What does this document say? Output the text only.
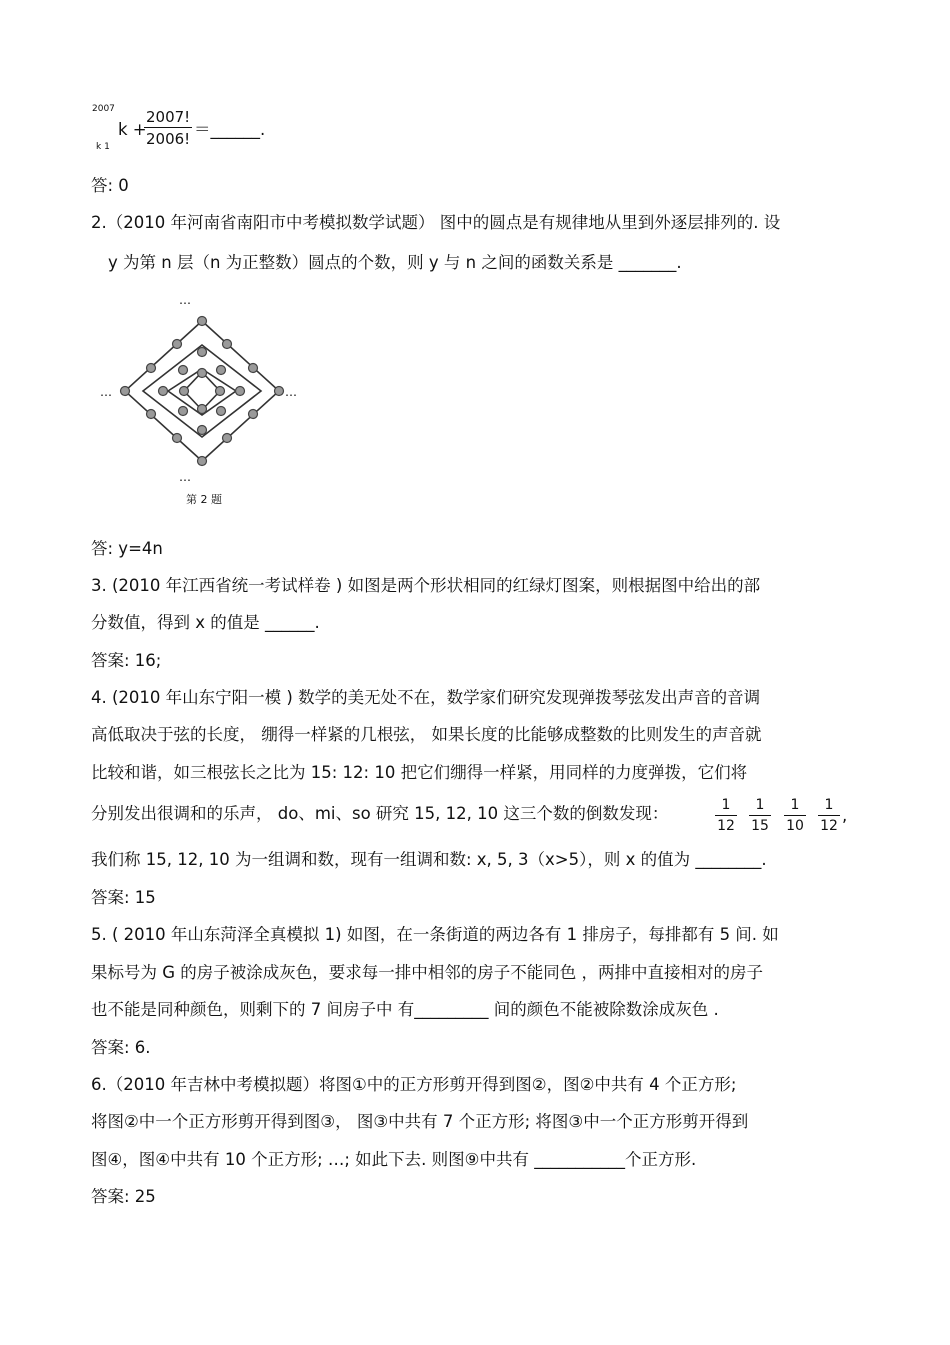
2007
k 1
k +
$\frac{2007!}{2006!}$ ＝______.
答: 0
2.（2010 年河南省南阳市中考模拟数学试题） 图中的圆点是有规律地从里到外逐层排列的. 设
y 为第 n 层（n 为正整数）圆点的个数，则 y 与 n 之间的函数关系是 _______.
…
…	…
…
第 2 题
答: y=4n
3. (2010 年江西省统一考试样卷 ) 如图是两个形状相同的红绿灯图案，则根据图中给出的部
分数值，得到 x 的值是 ______.
答案: 16;
4. (2010 年山东宁阳一模 ) 数学的美无处不在，数学家们研究发现弹拨琴弦发出声音的音调
高低取决于弦的长度， 绷得一样紧的几根弦， 如果长度的比能够成整数的比则发生的声音就
比较和谐，如三根弦长之比为 15: 12: 10 把它们绷得一样紧，用同样的力度弹拨，它们将
分别发出很调和的乐声， do、mi、so 研究 15, 12, 10 这三个数的倒数发现：	$\frac{1}{12} \frac{1}{15} \frac{1}{10} \frac{1}{12}$ ,
我们称 15, 12, 10 为一组调和数，现有一组调和数: x, 5, 3（x>5），则 x 的值为 ________.
答案: 15
5. ( 2010 年山东菏泽全真模拟 1) 如图，在一条街道的两边各有 1 排房子，每排都有 5 间. 如
果标号为 G 的房子被涂成灰色，要求每一排中相邻的房子不能同色 ，两排中直接相对的房子
也不能是同种颜色，则剩下的 7 间房子中 有_________ 间的颜色不能被除数涂成灰色 .
答案: 6.
6.（2010 年吉林中考模拟题）将图①中的正方形剪开得到图②，图②中共有 4 个正方形;
将图②中一个正方形剪开得到图③， 图③中共有 7 个正方形; 将图③中一个正方形剪开得到
图④，图④中共有 10 个正方形; …; 如此下去. 则图⑨中共有 ___________个正方形.
答案: 25
